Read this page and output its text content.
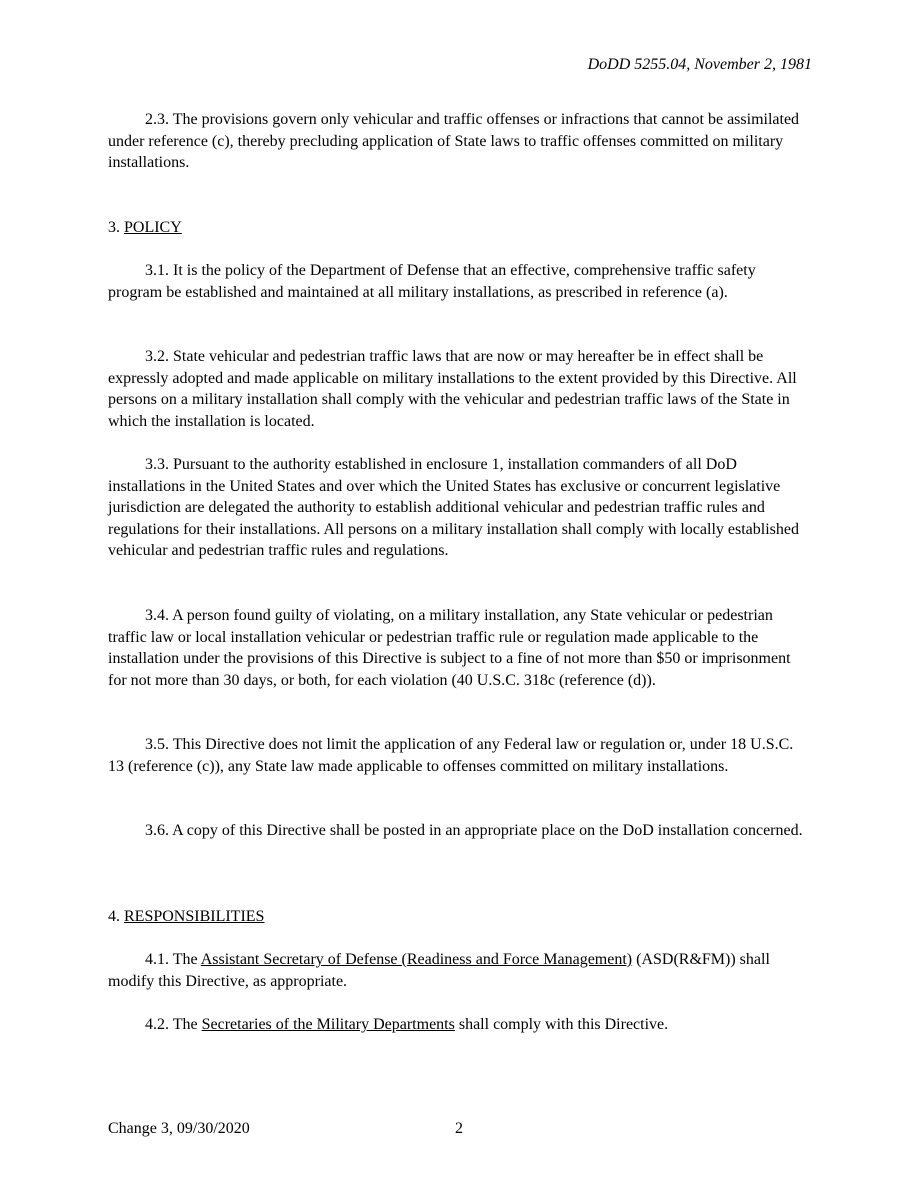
DoDD 5255.04, November 2, 1981

2.3. The provisions govern only vehicular and traffic offenses or infractions that cannot be assimilated under reference (c), thereby precluding application of State laws to traffic offenses committed on military installations.

3. POLICY

3.1. It is the policy of the Department of Defense that an effective, comprehensive traffic safety program be established and maintained at all military installations, as prescribed in reference (a).

3.2. State vehicular and pedestrian traffic laws that are now or may hereafter be in effect shall be expressly adopted and made applicable on military installations to the extent provided by this Directive. All persons on a military installation shall comply with the vehicular and pedestrian traffic laws of the State in which the installation is located.

3.3. Pursuant to the authority established in enclosure 1, installation commanders of all DoD installations in the United States and over which the United States has exclusive or concurrent legislative jurisdiction are delegated the authority to establish additional vehicular and pedestrian traffic rules and regulations for their installations. All persons on a military installation shall comply with locally established vehicular and pedestrian traffic rules and regulations.

3.4. A person found guilty of violating, on a military installation, any State vehicular or pedestrian traffic law or local installation vehicular or pedestrian traffic rule or regulation made applicable to the installation under the provisions of this Directive is subject to a fine of not more than $50 or imprisonment for not more than 30 days, or both, for each violation (40 U.S.C. 318c (reference (d)).

3.5. This Directive does not limit the application of any Federal law or regulation or, under 18 U.S.C. 13 (reference (c)), any State law made applicable to offenses committed on military installations.

3.6. A copy of this Directive shall be posted in an appropriate place on the DoD installation concerned.

4. RESPONSIBILITIES

4.1. The Assistant Secretary of Defense (Readiness and Force Management) (ASD(R&FM)) shall modify this Directive, as appropriate.

4.2. The Secretaries of the Military Departments shall comply with this Directive.

Change 3, 09/30/2020	2
